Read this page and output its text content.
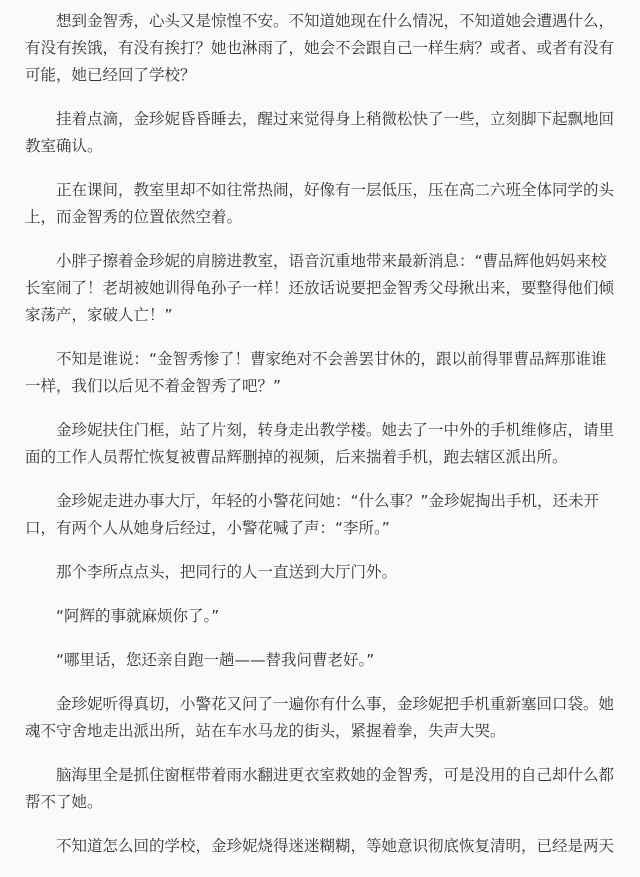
想到金智秀，心头又是惊惶不安。不知道她现在什么情况，不知道她会遭遇什么，有没有挨饿，有没有挨打？她也淋雨了，她会不会跟自己一样生病？或者、或者有没有可能，她已经回了学校？

挂着点滴，金珍妮昏昏睡去，醒过来觉得身上稍微松快了一些，立刻脚下起飘地回教室确认。

正在课间，教室里却不如往常热闹，好像有一层低压，压在高二六班全体同学的头上，而金智秀的位置依然空着。

小胖子擦着金珍妮的肩膀进教室，语音沉重地带来最新消息：“曹品辉他妈妈来校长室闹了！老胡被她训得龟孙子一样！还放话说要把金智秀父母揪出来，要整得他们倾家荡产，家破人亡！”

不知是谁说：“金智秀惨了！曹家绝对不会善罢甘休的，跟以前得罪曹品辉那谁谁一样，我们以后见不着金智秀了吧？”

金珍妮扶住门框，站了片刻，转身走出教学楼。她去了一中外的手机维修店，请里面的工作人员帮忙恢复被曹品辉删掉的视频，后来揣着手机，跑去辖区派出所。

金珍妮走进办事大厅，年轻的小警花问她：“什么事？”金珍妮掏出手机，还未开口，有两个人从她身后经过，小警花喊了声：“李所。”

那个李所点点头，把同行的人一直送到大厅门外。

“阿辉的事就麻烦你了。”

“哪里话，您还亲自跑一趟——替我问曹老好。”

金珍妮听得真切，小警花又问了一遍你有什么事，金珍妮把手机重新塞回口袋。她魂不守舍地走出派出所，站在车水马龙的街头，紧握着拳，失声大哭。

脑海里全是抓住窗框带着雨水翻进更衣室救她的金智秀，可是没用的自己却什么都帮不了她。

不知道怎么回的学校，金珍妮烧得迷迷糊糊，等她意识彻底恢复清明，已经是两天
